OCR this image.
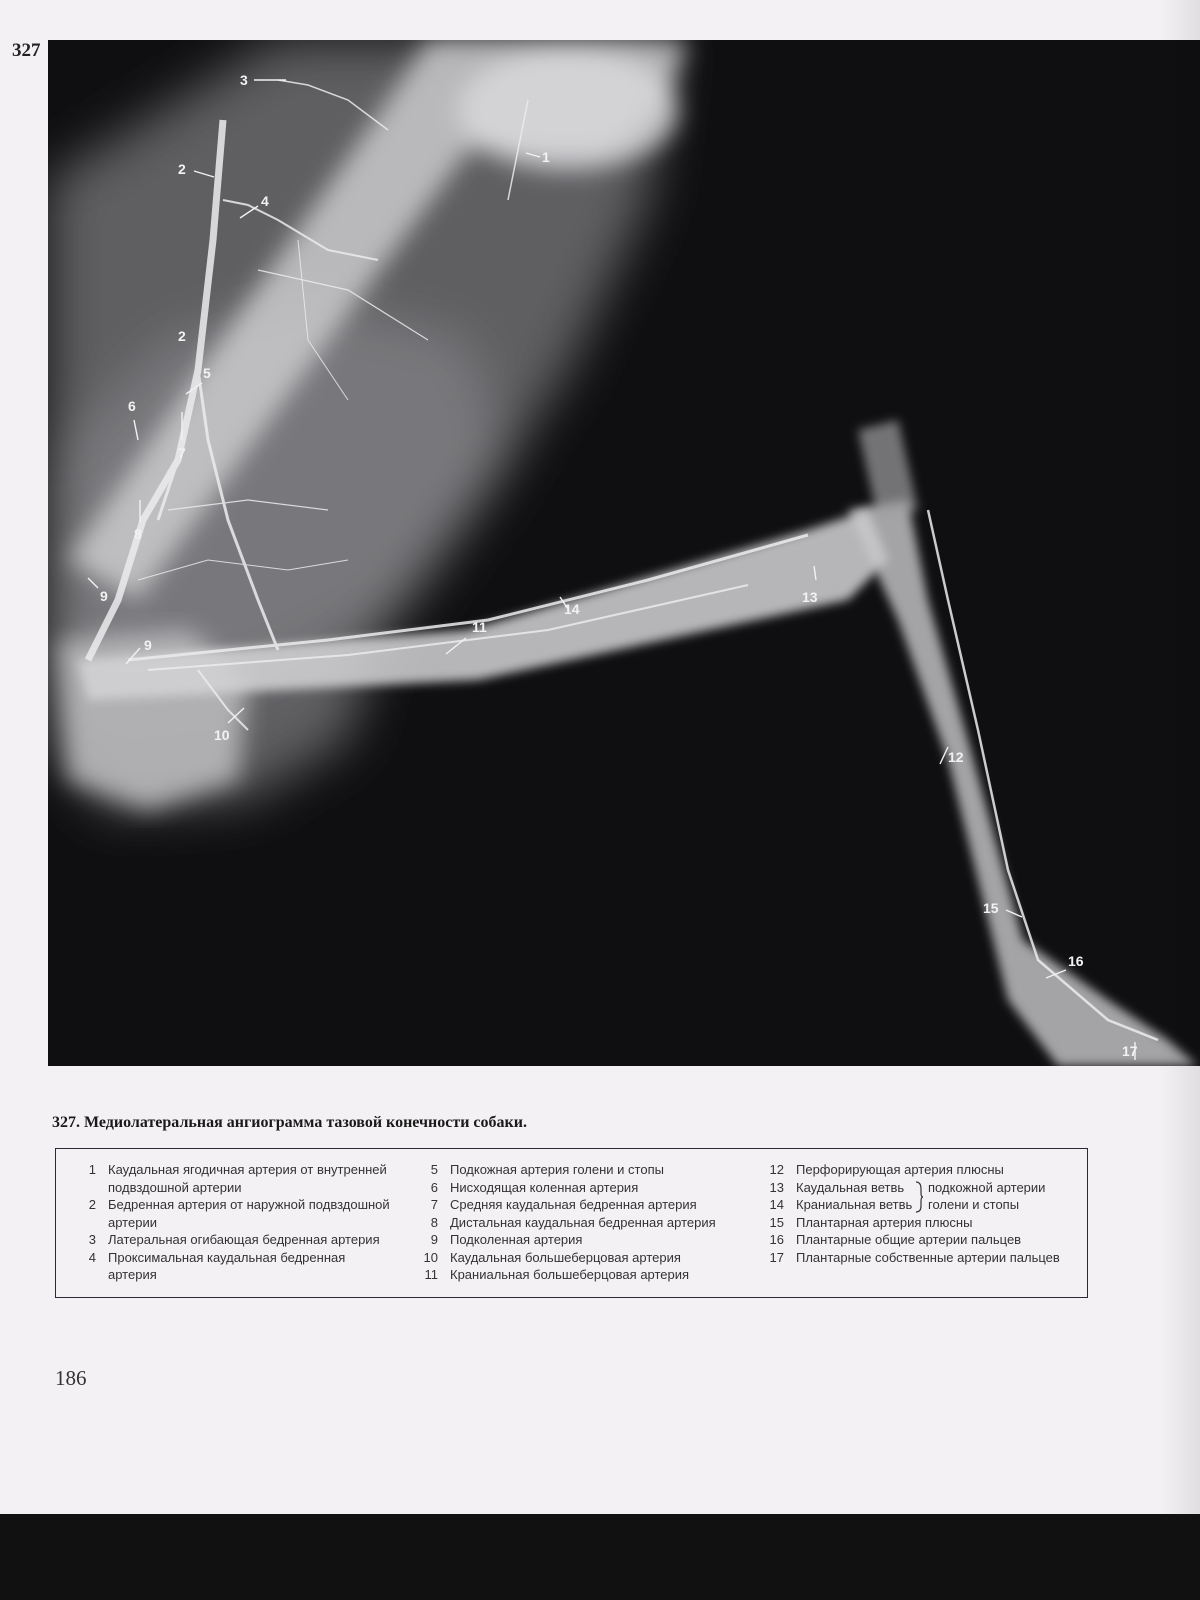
327
1
2
2
3
4
5
6
7
8
9
9
10
11
12
13
14
15
16
17
327. Медиолатеральная ангиограмма тазовой конечности собаки.
1 Каудальная ягодичная артерия от внутренней
подвздошной артерии
2 Бедренная артерия от наружной подвздошной
артерии
3 Латеральная огибающая бедренная артерия
4 Проксимальная каудальная бедренная
артерия
5 Подкожная артерия голени и стопы
6 Нисходящая коленная артерия
7 Средняя каудальная бедренная артерия
8 Дистальная каудальная бедренная артерия
9 Подколенная артерия
10 Каудальная большеберцовая артерия
11 Краниальная большеберцовая артерия
12 Перфорирующая артерия плюсны
13 Каудальная ветвь	подкожной артерии
14 Краниальная ветвь	голени и стопы
15 Плантарная артерия плюсны
16 Плантарные общие артерии пальцев
17 Плантарные собственные артерии пальцев
186
